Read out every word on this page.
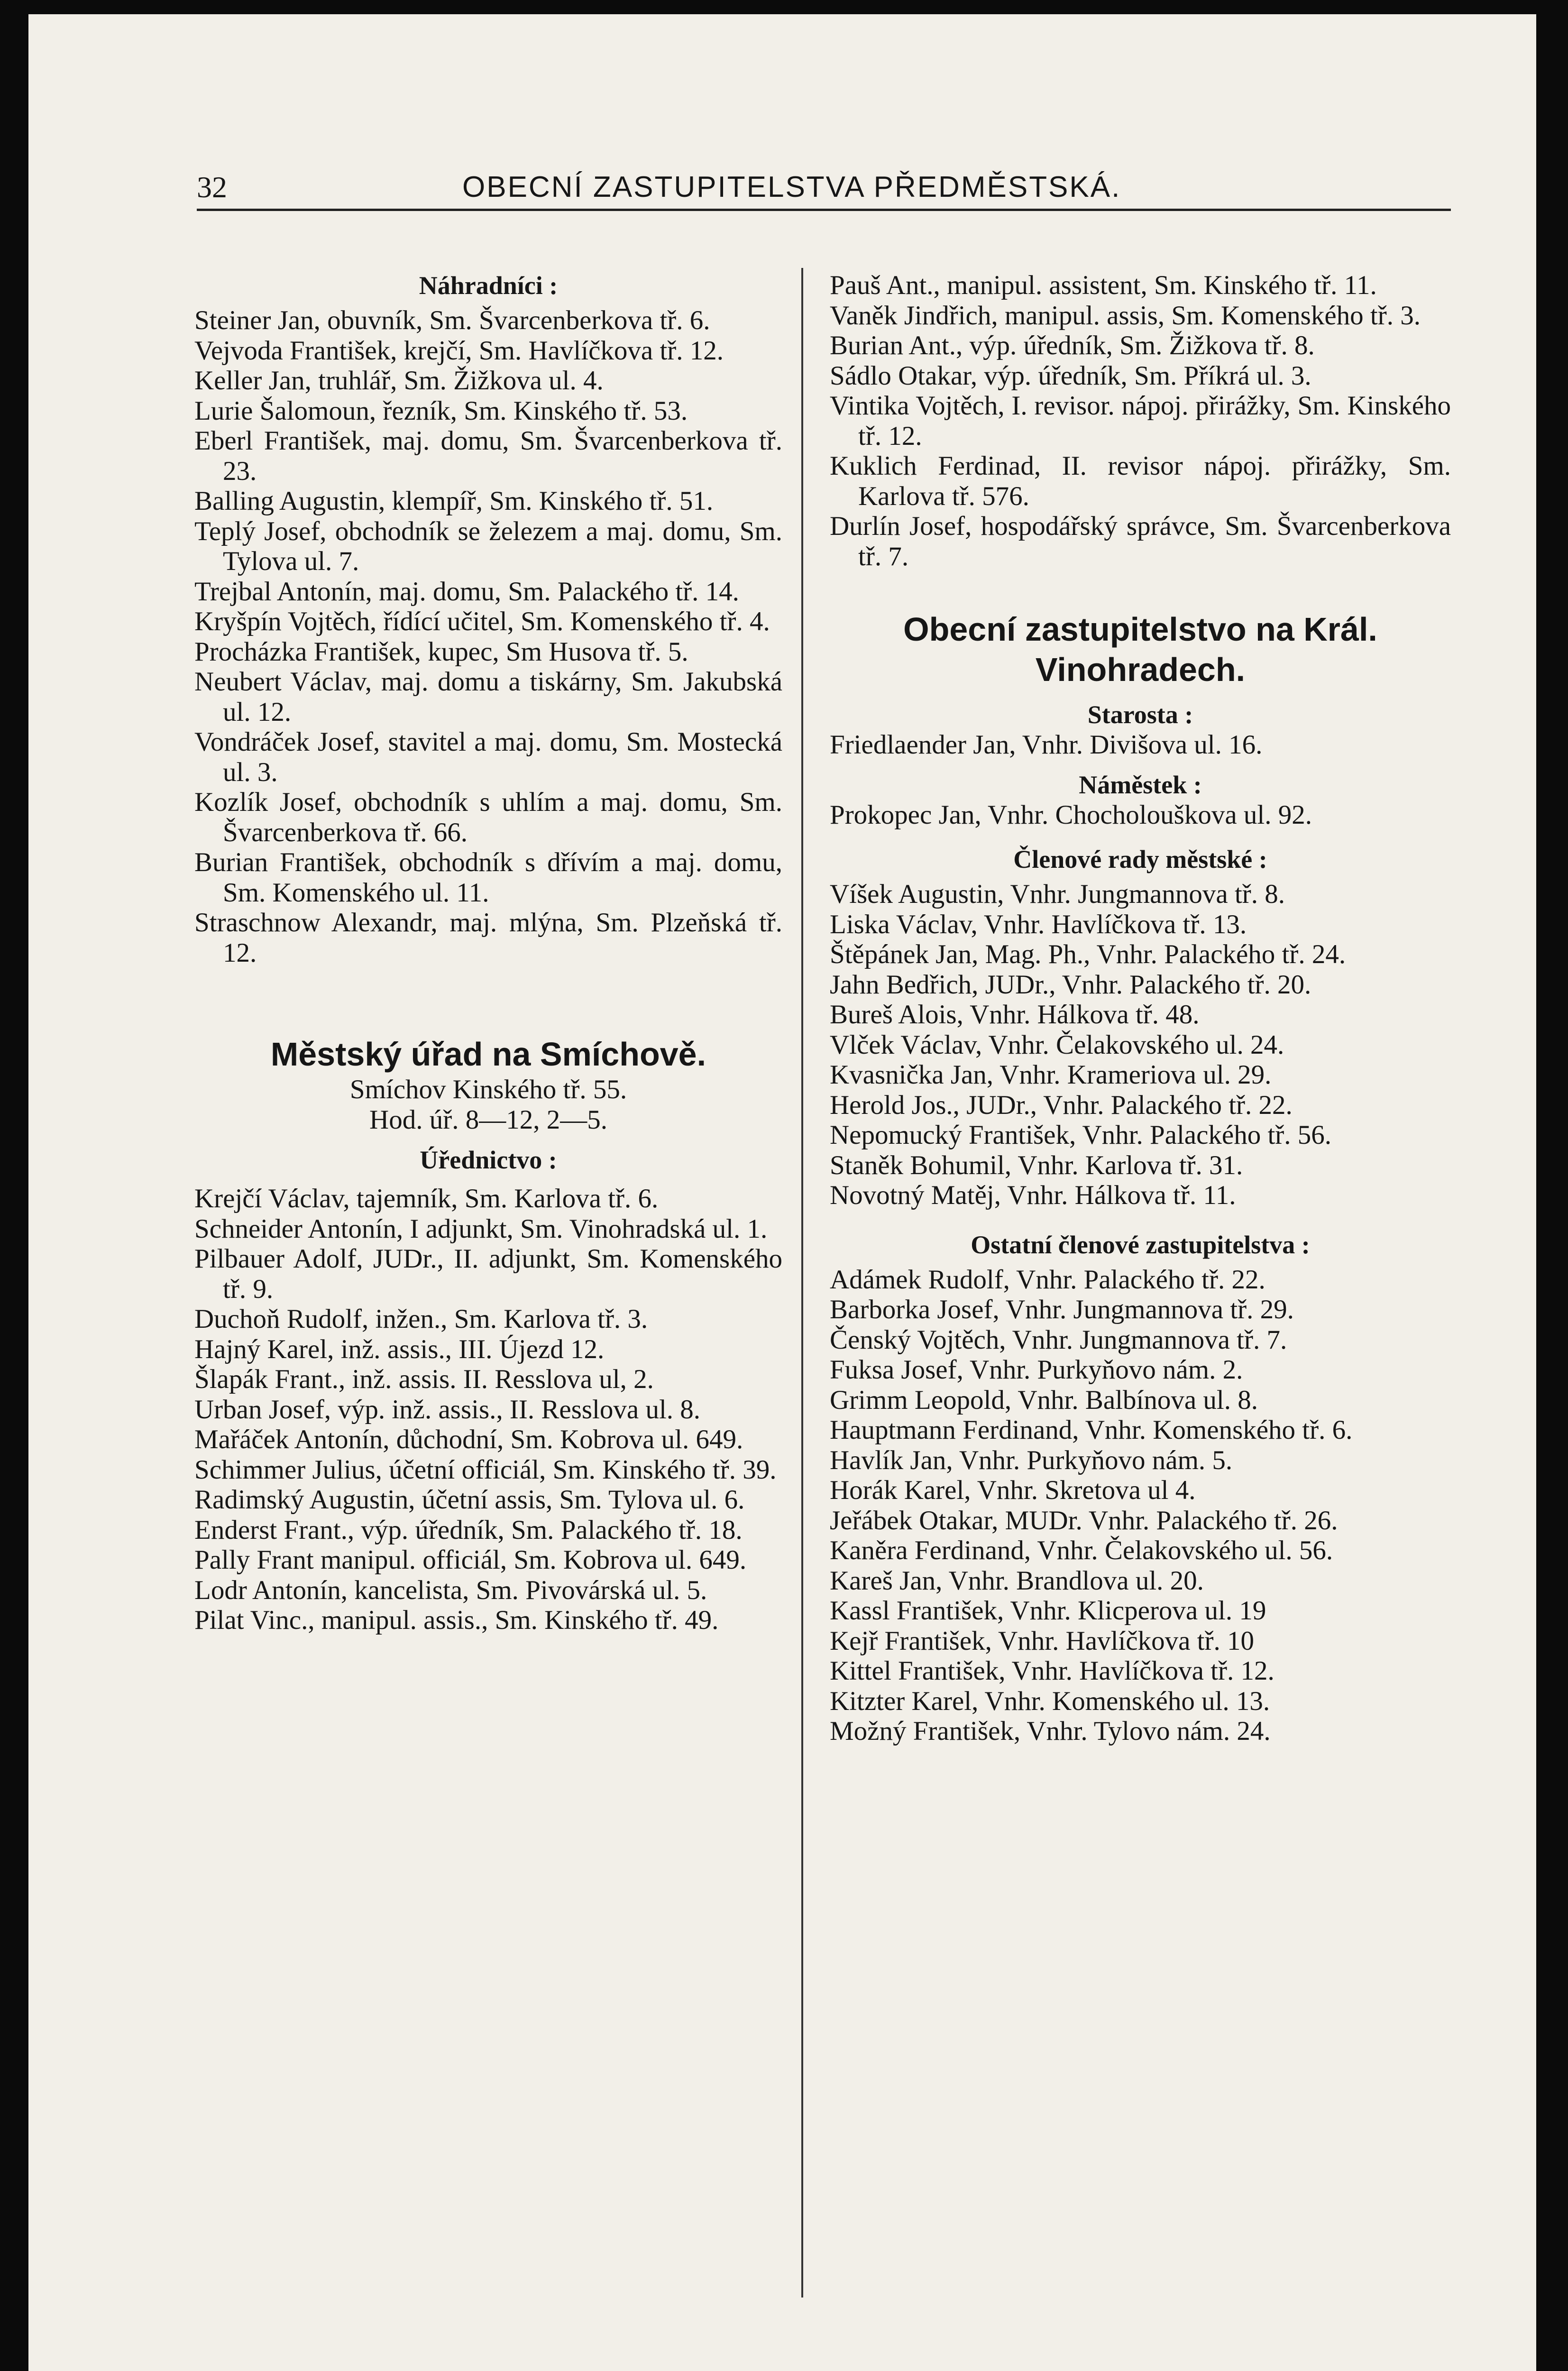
32	OBECNÍ ZASTUPITELSTVA PŘEDMĚSTSKÁ.
Náhradníci :
Steiner Jan, obuvník, Sm. Švarcenberkova tř. 6.
Vejvoda František, krejčí, Sm. Havlíčkova tř. 12.
Keller Jan, truhlář, Sm. Žižkova ul. 4.
Lurie Šalomoun, řezník, Sm. Kinského tř. 53.
Eberl František, maj. domu, Sm. Švarcenberkova tř. 23.
Balling Augustin, klempíř, Sm. Kinského tř. 51.
Teplý Josef, obchodník se železem a maj. domu, Sm. Tylova ul. 7.
Trejbal Antonín, maj. domu, Sm. Palackého tř. 14.
Kryšpín Vojtěch, řídící učitel, Sm. Komenského tř. 4.
Procházka František, kupec, Sm Husova tř. 5.
Neubert Václav, maj. domu a tiskárny, Sm. Jakubská ul. 12.
Vondráček Josef, stavitel a maj. domu, Sm. Mostecká ul. 3.
Kozlík Josef, obchodník s uhlím a maj. domu, Sm. Švarcenberkova tř. 66.
Burian František, obchodník s dřívím a maj. domu, Sm. Komenského ul. 11.
Straschnow Alexandr, maj. mlýna, Sm. Plzeňská tř. 12.
Městský úřad na Smíchově.
Smíchov Kinského tř. 55.
Hod. úř. 8—12, 2—5.
Úřednictvo :
Krejčí Václav, tajemník, Sm. Karlova tř. 6.
Schneider Antonín, I adjunkt, Sm. Vinohradská ul. 1.
Pilbauer Adolf, JUDr., II. adjunkt, Sm. Komenského tř. 9.
Duchoň Rudolf, inžen., Sm. Karlova tř. 3.
Hajný Karel, inž. assis., III. Újezd 12.
Šlapák Frant., inž. assis. II. Resslova ul, 2.
Urban Josef, výp. inž. assis., II. Resslova ul. 8.
Mařáček Antonín, důchodní, Sm. Kobrova ul. 649.
Schimmer Julius, účetní officiál, Sm. Kinského tř. 39.
Radimský Augustin, účetní assis, Sm. Tylova ul. 6.
Enderst Frant., výp. úředník, Sm. Palackého tř. 18.
Pally Frant manipul. officiál, Sm. Kobrova ul. 649.
Lodr Antonín, kancelista, Sm. Pivovárská ul. 5.
Pilat Vinc., manipul. assis., Sm. Kinského tř. 49.
Pauš Ant., manipul. assistent, Sm. Kinského tř. 11.
Vaněk Jindřich, manipul. assis, Sm. Komenského tř. 3.
Burian Ant., výp. úředník, Sm. Žižkova tř. 8.
Sádlo Otakar, výp. úředník, Sm. Příkrá ul. 3.
Vintika Vojtěch, I. revisor. nápoj. přirážky, Sm. Kinského tř. 12.
Kuklich Ferdinad, II. revisor nápoj. přirážky, Sm. Karlova tř. 576.
Durlín Josef, hospodářský správce, Sm. Švarcenberkova tř. 7.
Obecní zastupitelstvo na Král. Vinohradech.
Starosta :
Friedlaender Jan, Vnhr. Divišova ul. 16.
Náměstek :
Prokopec Jan, Vnhr. Chocholouškova ul. 92.
Členové rady městské :
Víšek Augustin, Vnhr. Jungmannova tř. 8.
Liska Václav, Vnhr. Havlíčkova tř. 13.
Štěpánek Jan, Mag. Ph., Vnhr. Palackého tř. 24.
Jahn Bedřich, JUDr., Vnhr. Palackého tř. 20.
Bureš Alois, Vnhr. Hálkova tř. 48.
Vlček Václav, Vnhr. Čelakovského ul. 24.
Kvasnička Jan, Vnhr. Krameriova ul. 29.
Herold Jos., JUDr., Vnhr. Palackého tř. 22.
Nepomucký František, Vnhr. Palackého tř. 56.
Staněk Bohumil, Vnhr. Karlova tř. 31.
Novotný Matěj, Vnhr. Hálkova tř. 11.
Ostatní členové zastupitelstva :
Adámek Rudolf, Vnhr. Palackého tř. 22.
Barborka Josef, Vnhr. Jungmannova tř. 29.
Čenský Vojtěch, Vnhr. Jungmannova tř. 7.
Fuksa Josef, Vnhr. Purkyňovo nám. 2.
Grimm Leopold, Vnhr. Balbínova ul. 8.
Hauptmann Ferdinand, Vnhr. Komenského tř. 6.
Havlík Jan, Vnhr. Purkyňovo nám. 5.
Horák Karel, Vnhr. Skretova ul 4.
Jeřábek Otakar, MUDr. Vnhr. Palackého tř. 26.
Kaněra Ferdinand, Vnhr. Čelakovského ul. 56.
Kareš Jan, Vnhr. Brandlova ul. 20.
Kassl František, Vnhr. Klicperova ul. 19
Kejř František, Vnhr. Havlíčkova tř. 10
Kittel František, Vnhr. Havlíčkova tř. 12.
Kitzter Karel, Vnhr. Komenského ul. 13.
Možný František, Vnhr. Tylovo nám. 24.
